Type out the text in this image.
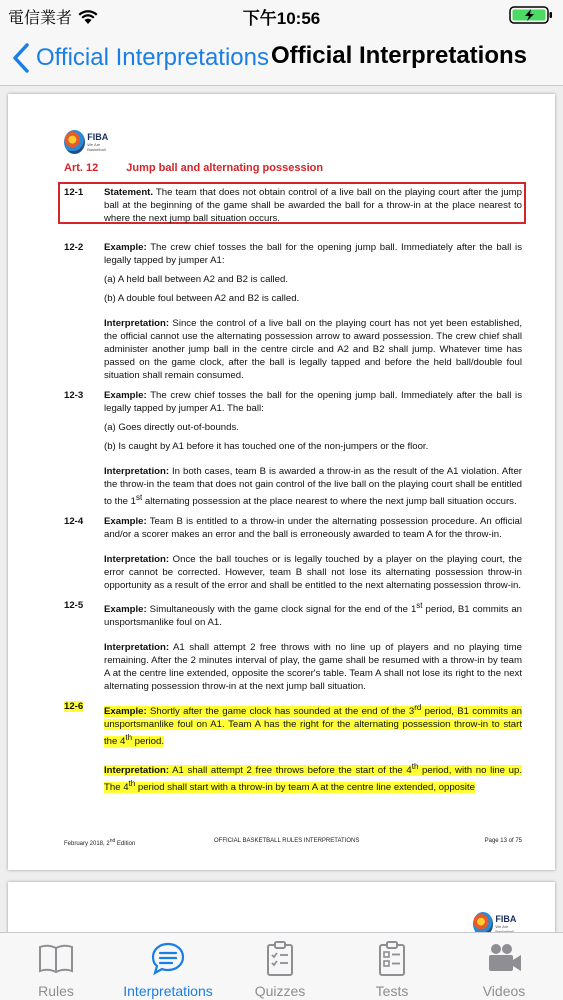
電信業者	下午10:56
Official Interpretations Official Interpretations
FIBA
We Are Basketball
Art. 12	Jump ball and alternating possession
12-1	Statement. The team that does not obtain control of a live ball on the playing court after the jump ball at the beginning of the game shall be awarded the ball for a throw-in at the place nearest to where the next jump ball situation occurs.

12-2	Example: The crew chief tosses the ball for the opening jump ball. Immediately after the ball is legally tapped by jumper A1:

(a) A held ball between A2 and B2 is called.

(b) A double foul between A2 and B2 is called.

Interpretation: Since the control of a live ball on the playing court has not yet been established, the official cannot use the alternating possession arrow to award possession. The crew chief shall administer another jump ball in the centre circle and A2 and B2 shall jump. Whatever time has passed on the game clock, after the ball is legally tapped and before the held ball/double foul situation shall remain consumed.

12-3	Example: The crew chief tosses the ball for the opening jump ball. Immediately after the ball is legally tapped by jumper A1. The ball:

(a) Goes directly out-of-bounds.

(b) Is caught by A1 before it has touched one of the non-jumpers or the floor.

Interpretation: In both cases, team B is awarded a throw-in as the result of the A1 violation. After the throw-in the team that does not gain control of the live ball on the playing court shall be entitled to the 1st alternating possession at the place nearest to where the next jump ball situation occurs.

12-4	Example: Team B is entitled to a throw-in under the alternating possession procedure. An official and/or a scorer makes an error and the ball is erroneously awarded to team A for the throw-in.

Interpretation: Once the ball touches or is legally touched by a player on the playing court, the error cannot be corrected. However, team B shall not lose its alternating possession throw-in opportunity as a result of the error and shall be entitled to the next alternating possession throw-in.

12-5	Example: Simultaneously with the game clock signal for the end of the 1st period, B1 commits an unsportsmanlike foul on A1.

Interpretation: A1 shall attempt 2 free throws with no line up of players and no playing time remaining. After the 2 minutes interval of play, the game shall be resumed with a throw-in by team A at the centre line extended, opposite the scorer's table. Team A shall not lose its right to the next alternating possession throw-in at the next jump ball situation.

12-6	Example: Shortly after the game clock has sounded at the end of the 3rd period, B1 commits an unsportsmanlike foul on A1. Team A has the right for the alternating possession throw-in to start the 4th period.

Interpretation: A1 shall attempt 2 free throws before the start of the 4th period, with no line up. The 4th period shall start with a throw-in by team A at the centre line extended, opposite

February 2018, 2nd Edition	OFFICIAL BASKETBALL RULES INTERPRETATIONS	Page 13 of 75
FIBA
We Are Basketball
Rules	Interpretations	Quizzes	Tests	Videos
